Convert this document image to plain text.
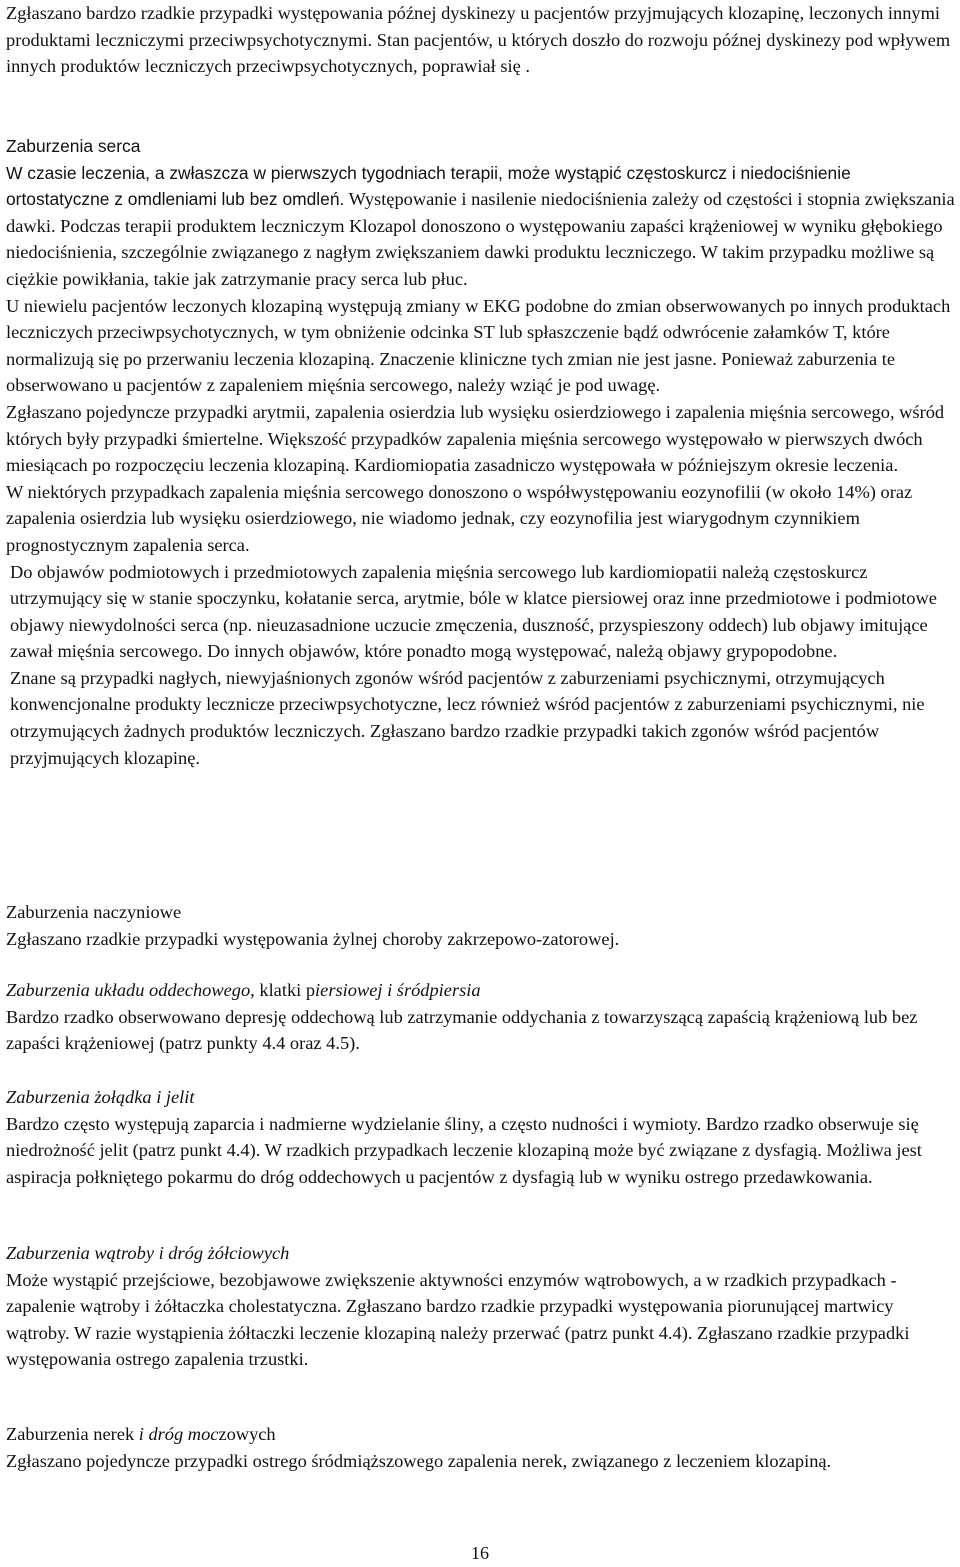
Zgłaszano bardzo rzadkie przypadki występowania późnej dyskinezy u pacjentów przyjmujących klozapinę, leczonych innymi produktami leczniczymi przeciwpsychotycznymi. Stan pacjentów, u których doszło do rozwoju późnej dyskinezy pod wpływem innych produktów leczniczych przeciwpsychotycznych, poprawiał się .

Zaburzenia serca

W czasie leczenia, a zwłaszcza w pierwszych tygodniach terapii, może wystąpić częstoskurcz i niedociśnienie ortostatyczne z omdleniami lub bez omdleń. Występowanie i nasilenie niedociśnienia zależy od częstości i stopnia zwiększania dawki. Podczas terapii produktem leczniczym Klozapol donoszono o występowaniu zapaści krążeniowej w wyniku głębokiego niedociśnienia, szczególnie związanego z nagłym zwiększaniem dawki produktu leczniczego. W takim przypadku możliwe są ciężkie powikłania, takie jak zatrzymanie pracy serca lub płuc.

U niewielu pacjentów leczonych klozapiną występują zmiany w EKG podobne do zmian obserwowanych po innych produktach leczniczych przeciwpsychotycznych, w tym obniżenie odcinka ST lub spłaszczenie bądź odwrócenie załamków T, które normalizują się po przerwaniu leczenia klozapiną. Znaczenie kliniczne tych zmian nie jest jasne. Ponieważ zaburzenia te obserwowano u pacjentów z zapaleniem mięśnia sercowego, należy wziąć je pod uwagę.

Zgłaszano pojedyncze przypadki arytmii, zapalenia osierdzia lub wysięku osierdziowego i zapalenia mięśnia sercowego, wśród których były przypadki śmiertelne. Większość przypadków zapalenia mięśnia sercowego występowało w pierwszych dwóch miesiącach po rozpoczęciu leczenia klozapiną. Kardiomiopatia zasadniczo występowała w późniejszym okresie leczenia.

W niektórych przypadkach zapalenia mięśnia sercowego donoszono o współwystępowaniu eozynofilii (w około 14%) oraz zapalenia osierdzia lub wysięku osierdziowego, nie wiadomo jednak, czy eozynofilia jest wiarygodnym czynnikiem prognostycznym zapalenia serca.

Do objawów podmiotowych i przedmiotowych zapalenia mięśnia sercowego lub kardiomiopatii należą częstoskurcz utrzymujący się w stanie spoczynku, kołatanie serca, arytmie, bóle w klatce piersiowej oraz inne przedmiotowe i podmiotowe objawy niewydolności serca (np. nieuzasadnione uczucie zmęczenia, duszność, przyspieszony oddech) lub objawy imitujące zawał mięśnia sercowego. Do innych objawów, które ponadto mogą występować, należą objawy grypopodobne.

Znane są przypadki nagłych, niewyjaśnionych zgonów wśród pacjentów z zaburzeniami psychicznymi, otrzymujących konwencjonalne produkty lecznicze przeciwpsychotyczne, lecz również wśród pacjentów z zaburzeniami psychicznymi, nie otrzymujących żadnych produktów leczniczych. Zgłaszano bardzo rzadkie przypadki takich zgonów wśród pacjentów przyjmujących klozapinę.

Zaburzenia naczyniowe

Zgłaszano rzadkie przypadki występowania żylnej choroby zakrzepowo-zatorowej.

Zaburzenia układu oddechowego, klatki piersiowej i śródpiersia

Bardzo rzadko obserwowano depresję oddechową lub zatrzymanie oddychania z towarzyszącą zapaścią krążeniową lub bez zapaści krążeniowej (patrz punkty 4.4 oraz 4.5).

Zaburzenia żołądka i jelit

Bardzo często występują zaparcia i nadmierne wydzielanie śliny, a często nudności i wymioty. Bardzo rzadko obserwuje się niedrożność jelit (patrz punkt 4.4). W rzadkich przypadkach leczenie klozapiną może być związane z dysfagią. Możliwa jest aspiracja połkniętego pokarmu do dróg oddechowych u pacjentów z dysfagią lub w wyniku ostrego przedawkowania.

Zaburzenia wątroby i dróg żółciowych

Może wystąpić przejściowe, bezobjawowe zwiększenie aktywności enzymów wątrobowych, a w rzadkich przypadkach - zapalenie wątroby i żółtaczka cholestatyczna. Zgłaszano bardzo rzadkie przypadki występowania piorunującej martwicy wątroby. W razie wystąpienia żółtaczki leczenie klozapiną należy przerwać (patrz punkt 4.4). Zgłaszano rzadkie przypadki występowania ostrego zapalenia trzustki.

Zaburzenia nerek i dróg moczowych

Zgłaszano pojedyncze przypadki ostrego śródmiąższowego zapalenia nerek, związanego z leczeniem klozapiną.

16
